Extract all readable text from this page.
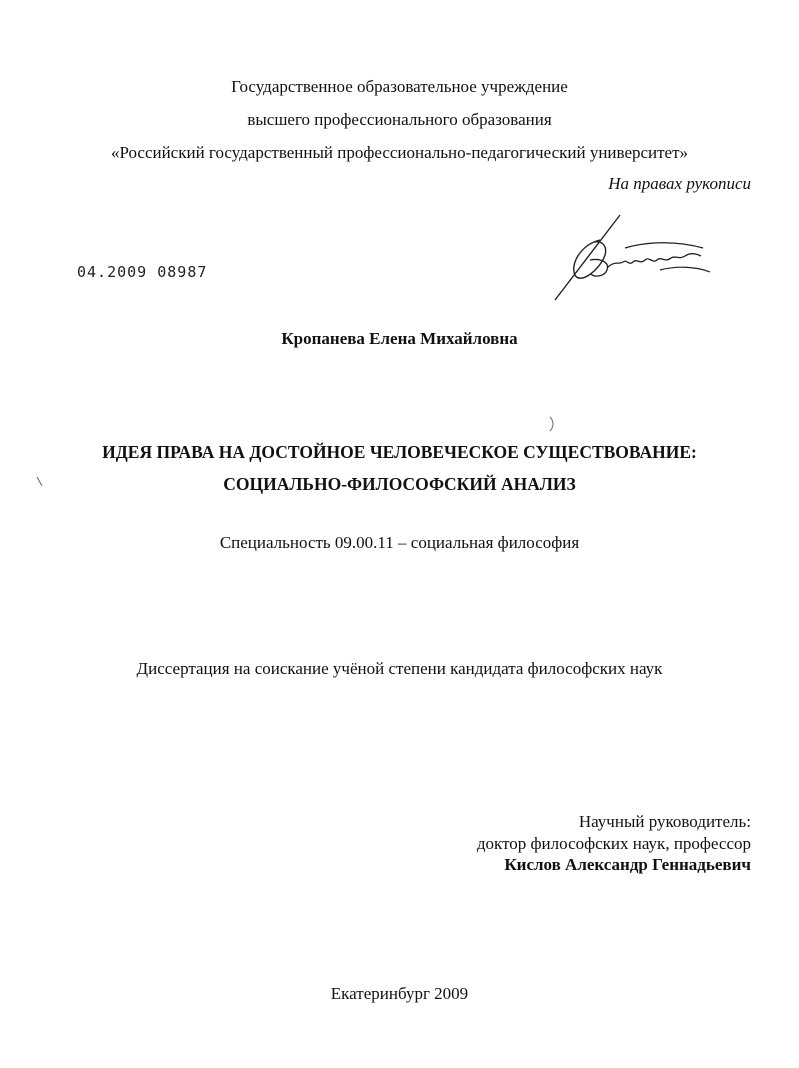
Государственное образовательное учреждение
высшего профессионального образования
«Российский государственный профессионально-педагогический университет»
На правах рукописи
04.2009 08987
Кропанева Елена Михайловна
ИДЕЯ ПРАВА НА ДОСТОЙНОЕ ЧЕЛОВЕЧЕСКОЕ СУЩЕСТВОВАНИЕ:
СОЦИАЛЬНО-ФИЛОСОФСКИЙ АНАЛИЗ
Специальность 09.00.11 – социальная философия
Диссертация на соискание учёной степени кандидата философских наук
Научный руководитель:
доктор философских наук, профессор
Кислов Александр Геннадьевич
Екатеринбург 2009
